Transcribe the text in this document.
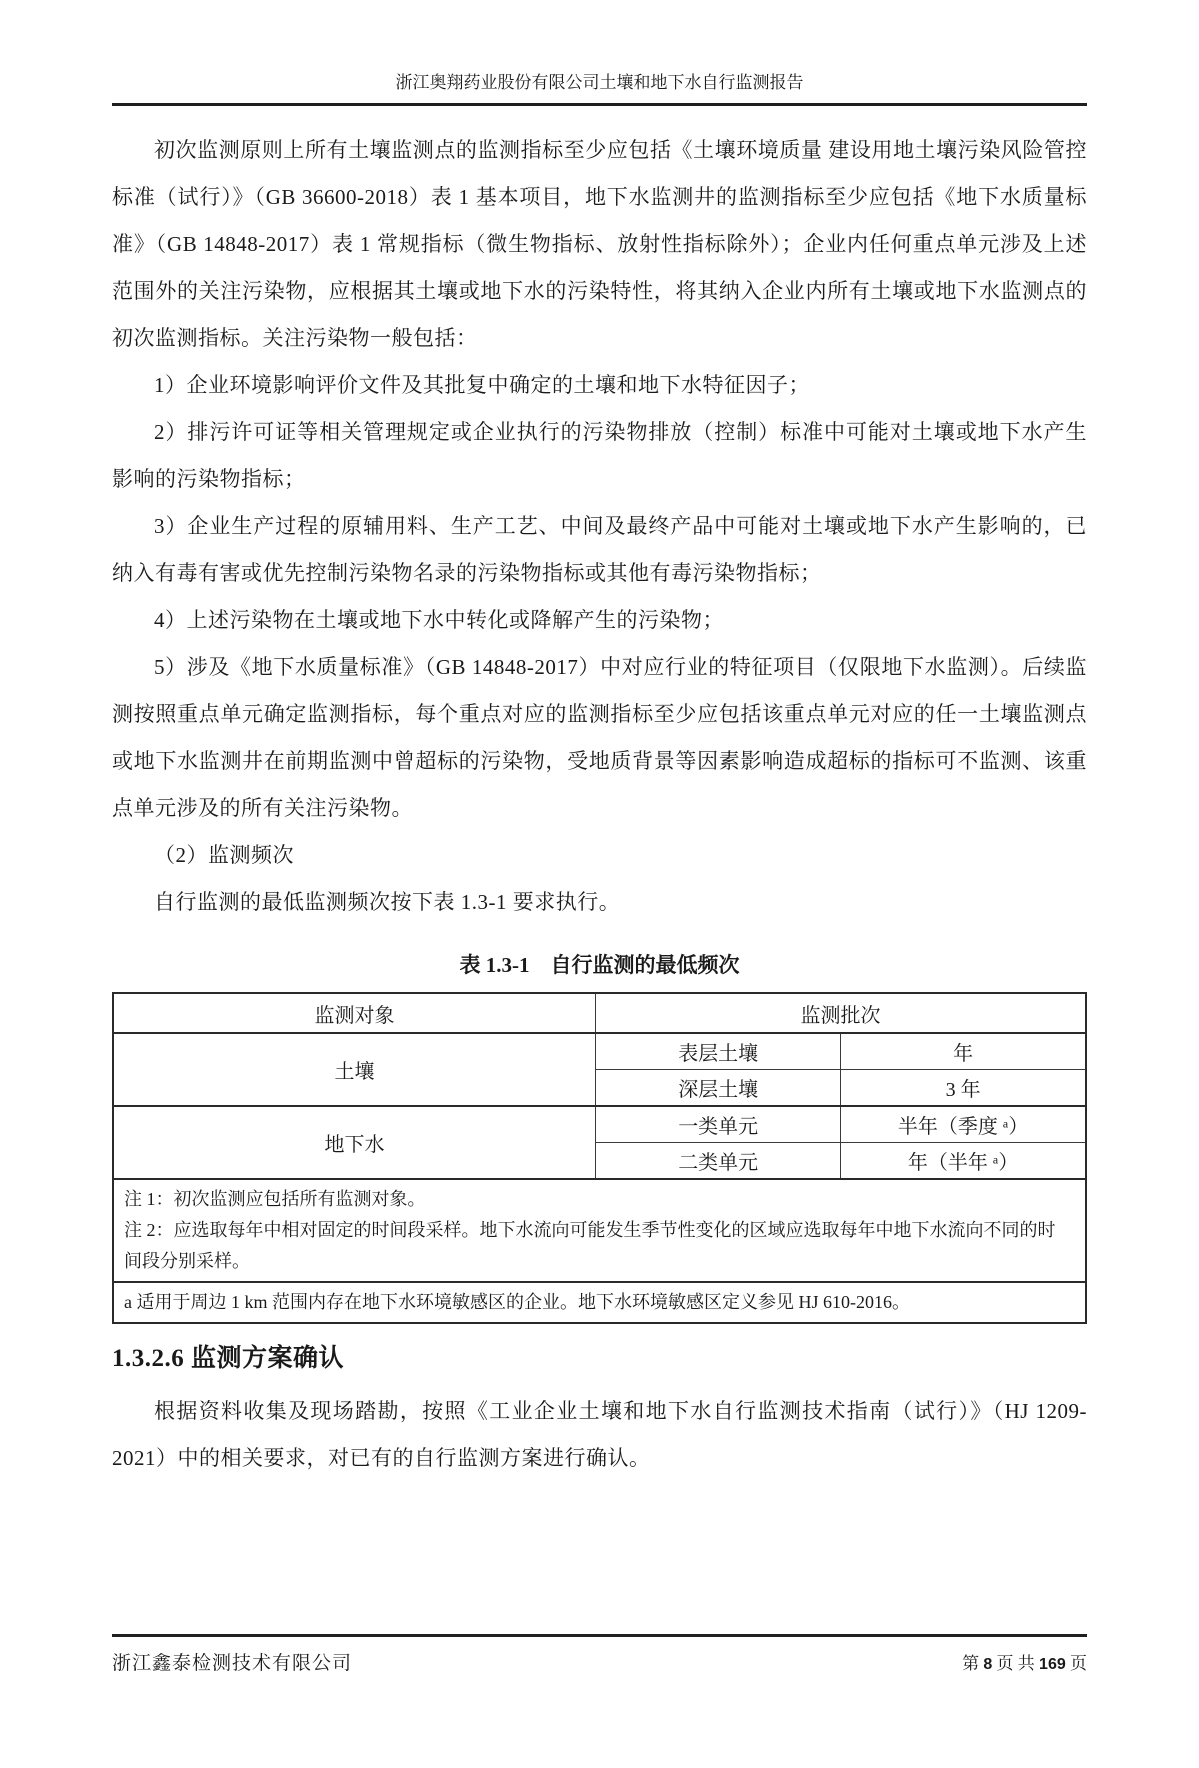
浙江奥翔药业股份有限公司土壤和地下水自行监测报告

初次监测原则上所有土壤监测点的监测指标至少应包括《土壤环境质量 建设用地土壤污染风险管控标准（试行）》（GB 36600-2018）表 1 基本项目，地下水监测井的监测指标至少应包括《地下水质量标准》（GB 14848-2017）表 1 常规指标（微生物指标、放射性指标除外）；企业内任何重点单元涉及上述范围外的关注污染物，应根据其土壤或地下水的污染特性，将其纳入企业内所有土壤或地下水监测点的初次监测指标。关注污染物一般包括：

1）企业环境影响评价文件及其批复中确定的土壤和地下水特征因子；

2）排污许可证等相关管理规定或企业执行的污染物排放（控制）标准中可能对土壤或地下水产生影响的污染物指标；

3）企业生产过程的原辅用料、生产工艺、中间及最终产品中可能对土壤或地下水产生影响的，已纳入有毒有害或优先控制污染物名录的污染物指标或其他有毒污染物指标；

4）上述污染物在土壤或地下水中转化或降解产生的污染物；

5）涉及《地下水质量标准》（GB 14848-2017）中对应行业的特征项目（仅限地下水监测）。后续监测按照重点单元确定监测指标，每个重点对应的监测指标至少应包括该重点单元对应的任一土壤监测点或地下水监测井在前期监测中曾超标的污染物，受地质背景等因素影响造成超标的指标可不监测、该重点单元涉及的所有关注污染物。

（2）监测频次

自行监测的最低监测频次按下表 1.3-1 要求执行。

表 1.3-1　自行监测的最低频次
监测对象	监测批次	
土壤	表层土壤	年
	深层土壤	3 年
地下水	一类单元	半年（季度 ᵃ）
	二类单元	年（半年 ᵃ）

注 1：初次监测应包括所有监测对象。

注 2：应选取每年中相对固定的时间段采样。地下水流向可能发生季节性变化的区域应选取每年中地下水流向不同的时 间段分别采样。		

a 适用于周边 1 km 范围内存在地下水环境敏感区的企业。地下水环境敏感区定义参见 HJ 610-2016。		
1.3.2.6 监测方案确认

根据资料收集及现场踏勘，按照《工业企业土壤和地下水自行监测技术指南（试行）》（HJ 1209-2021）中的相关要求，对已有的自行监测方案进行确认。

浙江鑫泰检测技术有限公司	第 8 页 共 169 页
